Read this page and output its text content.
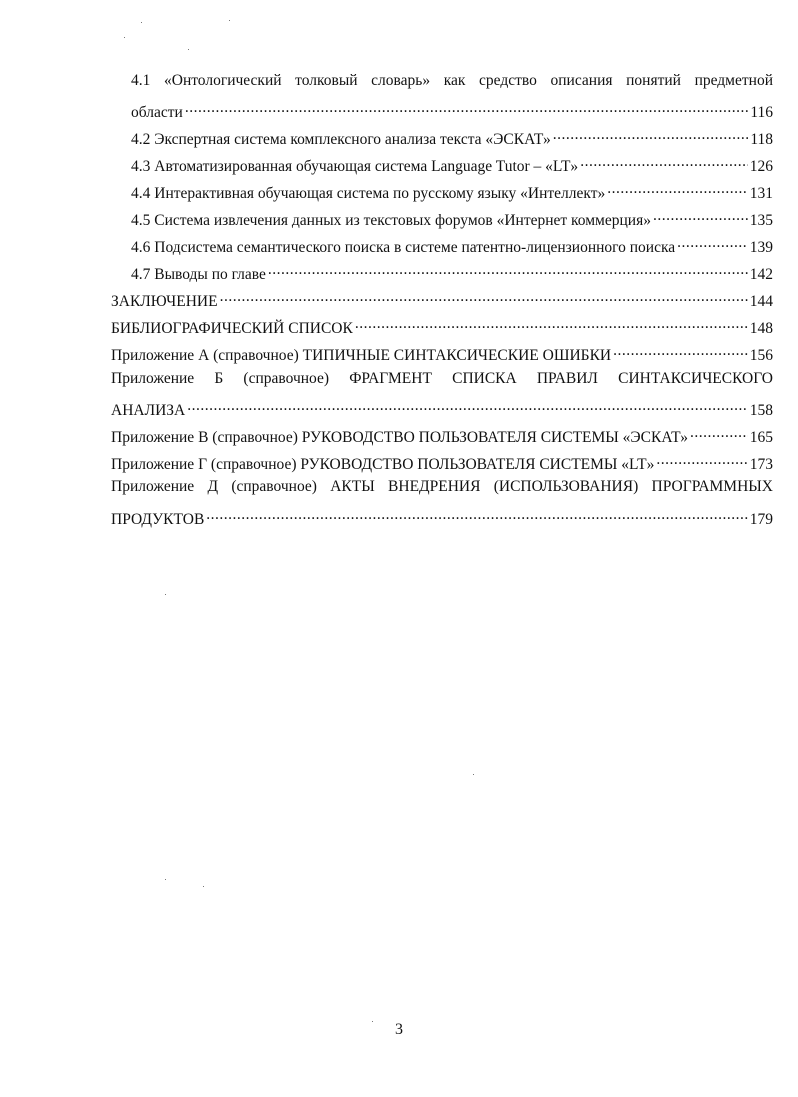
4.1 «Онтологический толковый словарь» как средство описания понятий предметной
области .....	116
4.2 Экспертная система комплексного анализа текста «ЭСКАТ» .....	118
4.3 Автоматизированная обучающая система Language Tutor – «LT» .....	126
4.4 Интерактивная обучающая система по русскому языку «Интеллект» .....	131
4.5 Система извлечения данных из текстовых форумов «Интернет коммерция» .....	135
4.6 Подсистема семантического поиска в системе патентно-лицензионного поиска .....	139
4.7 Выводы по главе .....	142
ЗАКЛЮЧЕНИЕ .....	144
БИБЛИОГРАФИЧЕСКИЙ СПИСОК .....	148
Приложение А (справочное) ТИПИЧНЫЕ СИНТАКСИЧЕСКИЕ ОШИБКИ .....	156
Приложение Б (справочное) ФРАГМЕНТ СПИСКА ПРАВИЛ СИНТАКСИЧЕСКОГО
АНАЛИЗА .....	158
Приложение В (справочное) РУКОВОДСТВО ПОЛЬЗОВАТЕЛЯ СИСТЕМЫ «ЭСКАТ» .....	165
Приложение Г (справочное) РУКОВОДСТВО ПОЛЬЗОВАТЕЛЯ СИСТЕМЫ «LT» .....	173
Приложение Д (справочное) АКТЫ ВНЕДРЕНИЯ (ИСПОЛЬЗОВАНИЯ) ПРОГРАММНЫХ
ПРОДУКТОВ .....	179
3
